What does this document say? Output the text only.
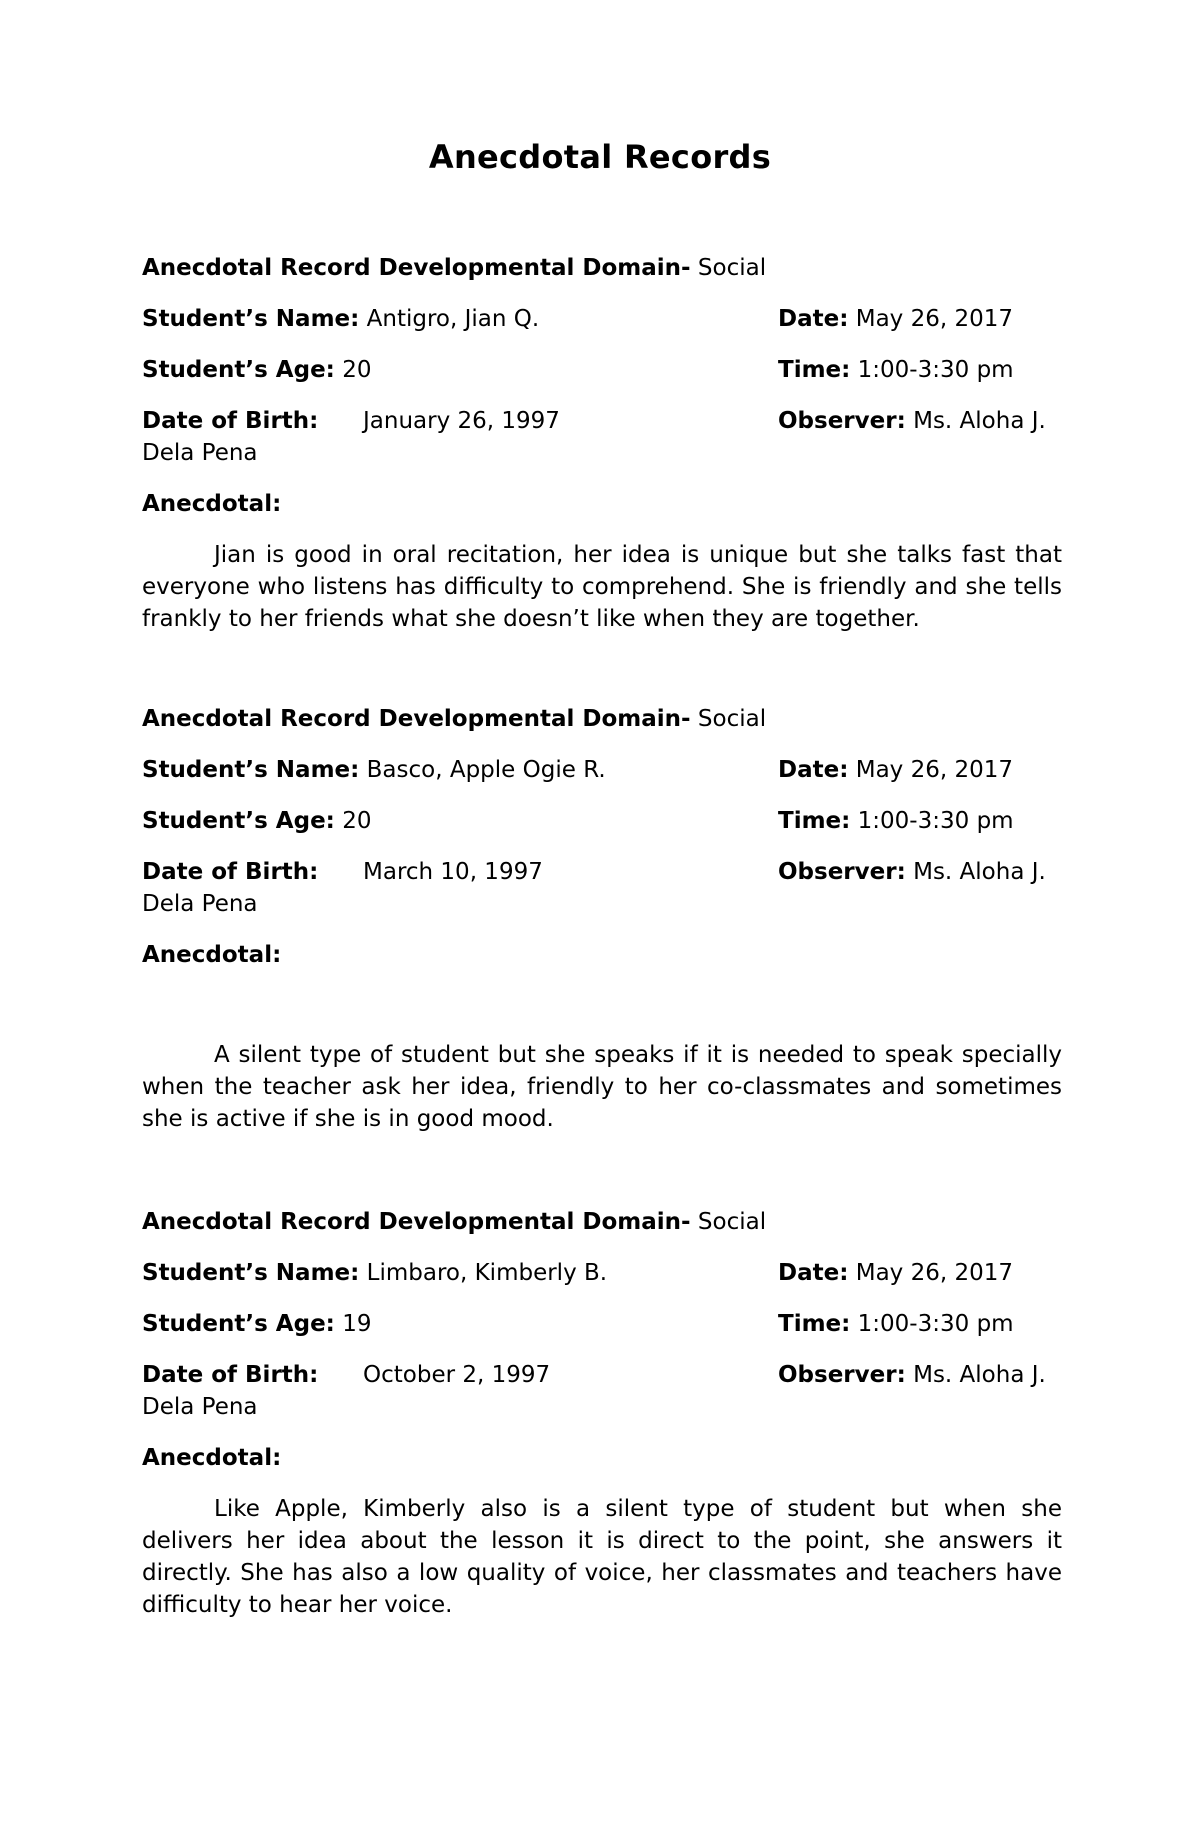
Anecdotal Records
Anecdotal Record Developmental Domain- Social
Student’s Name: Antigro, Jian Q.	Date: May 26, 2017
Student’s Age: 20	Time: 1:00-3:30 pm
Date of Birth: January 26, 1997	Observer: Ms. Aloha J.
Dela Pena
Anecdotal:
Jian is good in oral recitation, her idea is unique but she talks fast that everyone who listens has difficulty to comprehend. She is friendly and she tells frankly to her friends what she doesn’t like when they are together.
Anecdotal Record Developmental Domain- Social
Student’s Name: Basco, Apple Ogie R.	Date: May 26, 2017
Student’s Age: 20	Time: 1:00-3:30 pm
Date of Birth: March 10, 1997	Observer: Ms. Aloha J.
Dela Pena
Anecdotal:
A silent type of student but she speaks if it is needed to speak specially when the teacher ask her idea, friendly to her co-classmates and sometimes she is active if she is in good mood.
Anecdotal Record Developmental Domain- Social
Student’s Name: Limbaro, Kimberly B.	Date: May 26, 2017
Student’s Age: 19	Time: 1:00-3:30 pm
Date of Birth: October 2, 1997	Observer: Ms. Aloha J.
Dela Pena
Anecdotal:
Like Apple, Kimberly also is a silent type of student but when she delivers her idea about the lesson it is direct to the point, she answers it directly. She has also a low quality of voice, her classmates and teachers have difficulty to hear her voice.
